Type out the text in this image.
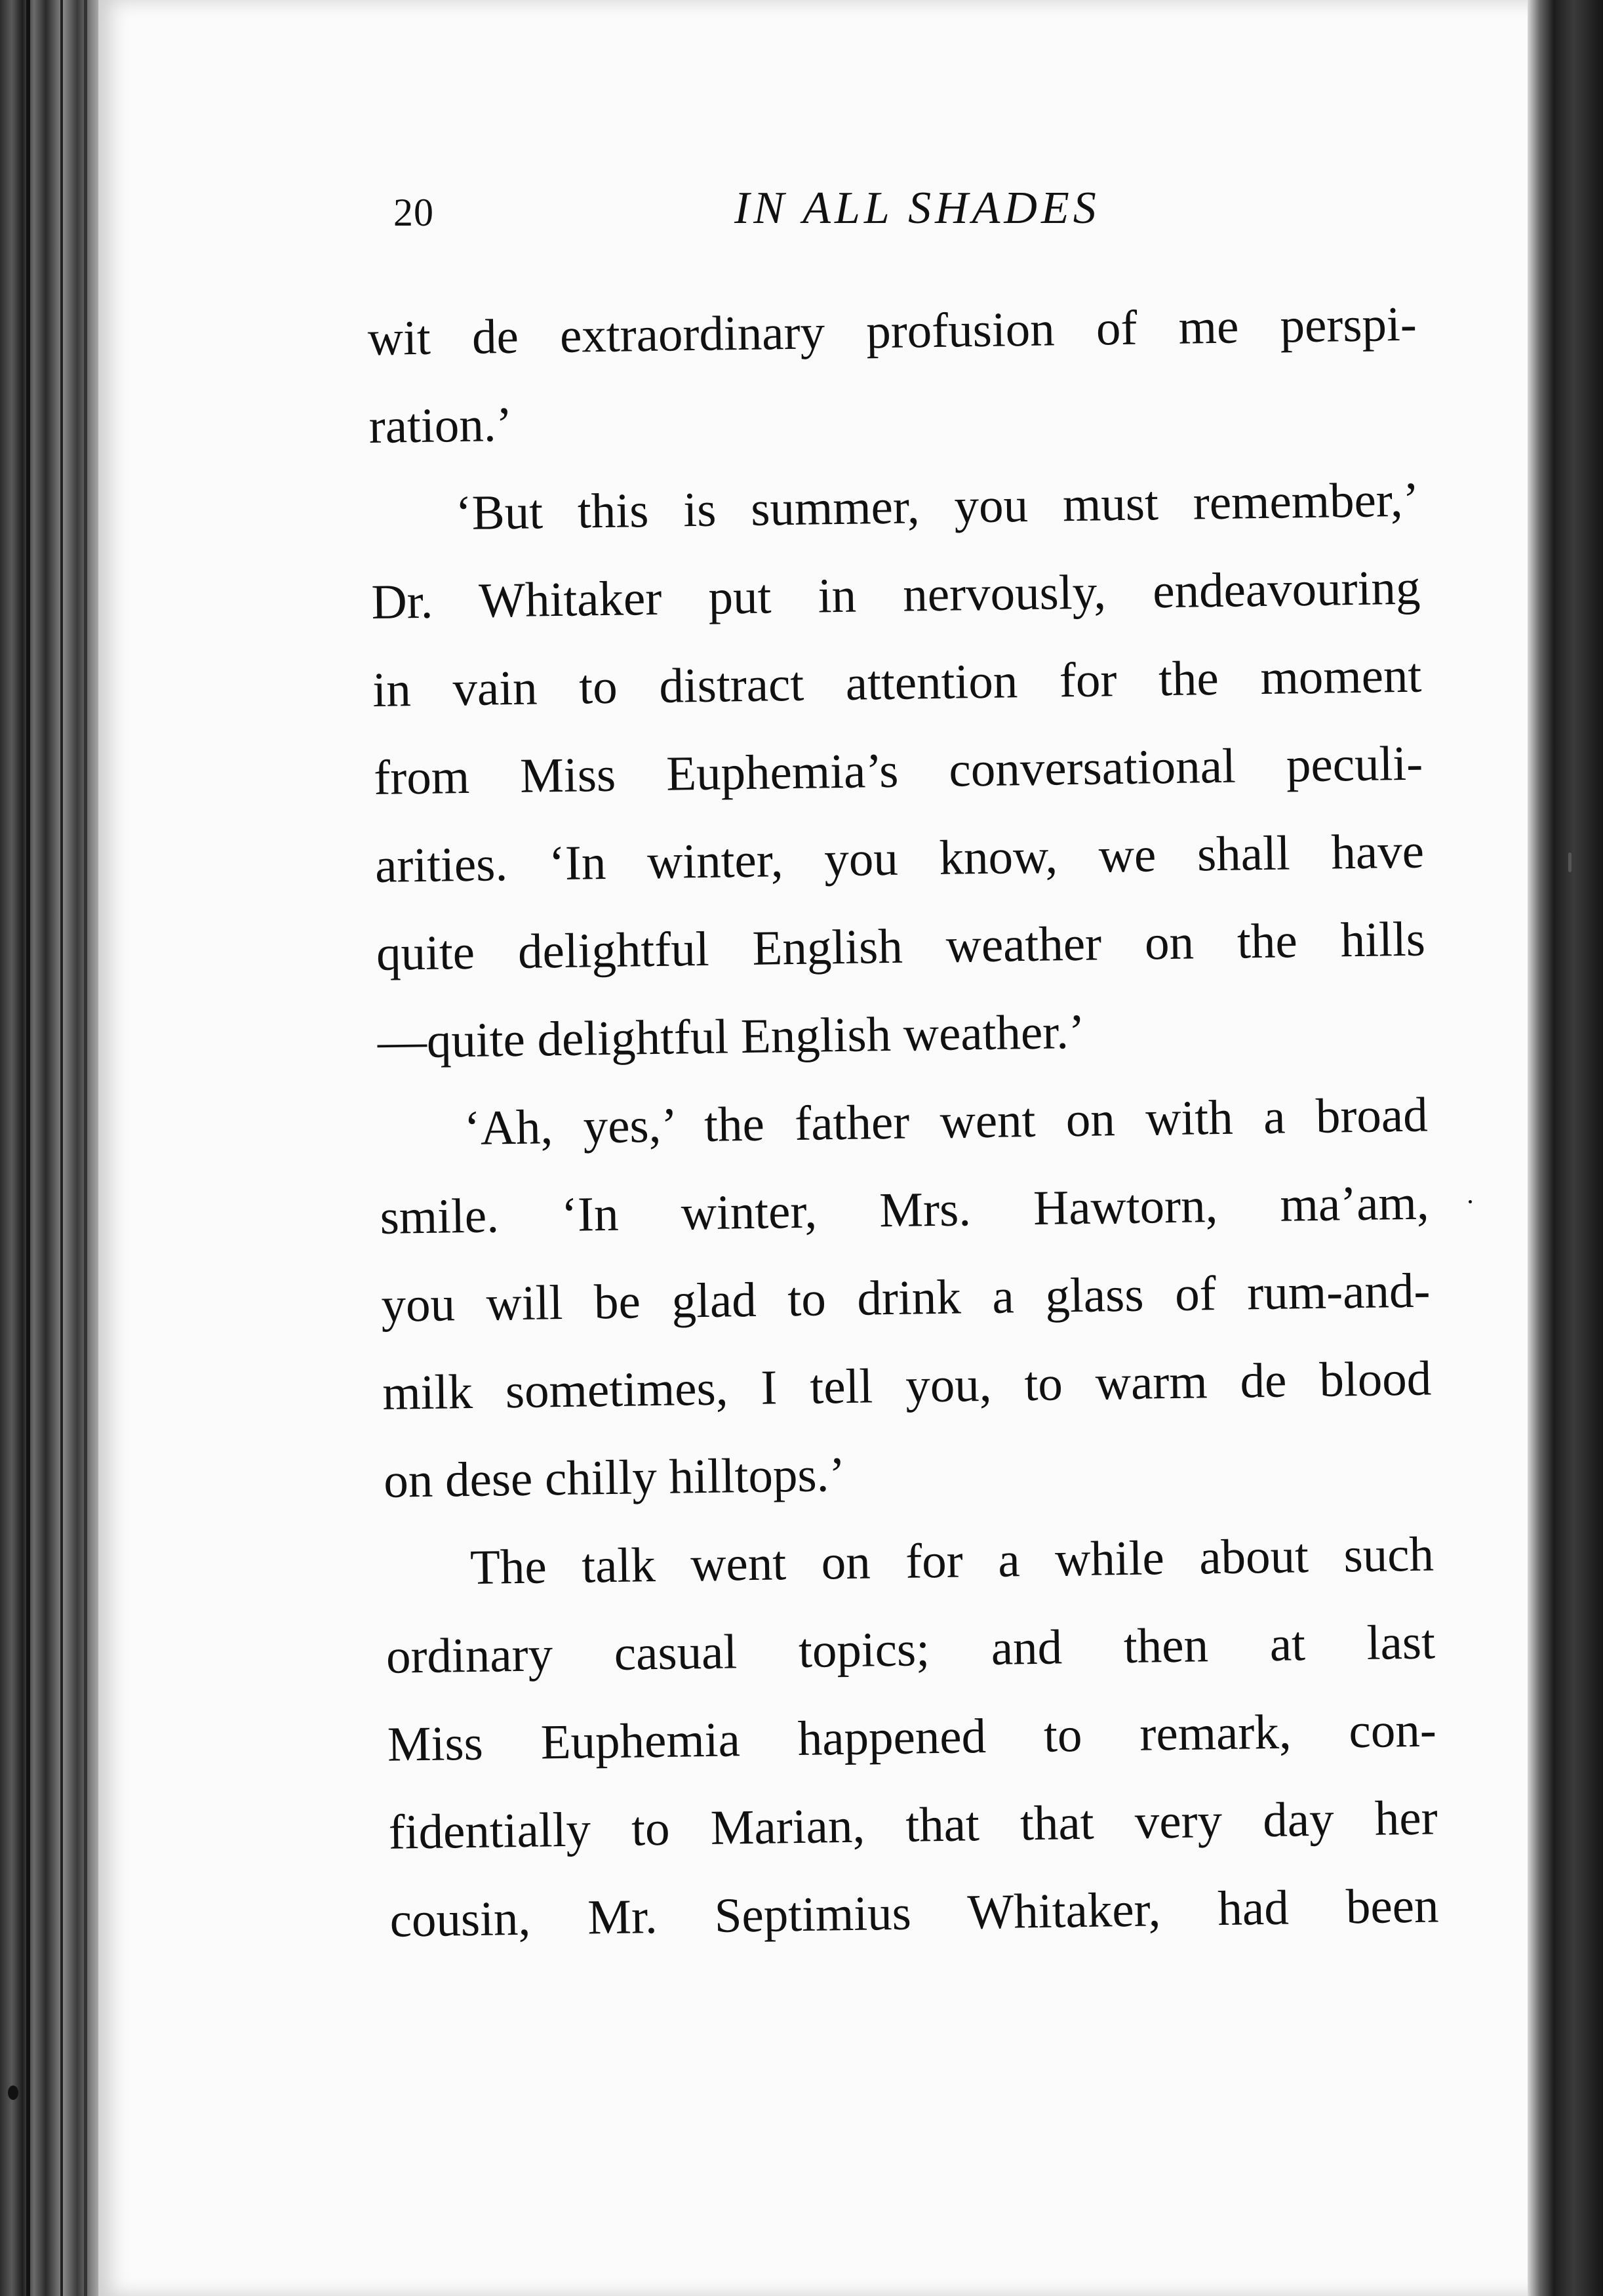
20	IN ALL SHADES
wit de extraordinary profusion of me perspi-
ration.’
‘But this is summer, you must remember,’
Dr. Whitaker put in nervously, endeavouring
in vain to distract attention for the moment
from Miss Euphemia’s conversational peculi-
arities. ‘In winter, you know, we shall have
quite delightful English weather on the hills
—quite delightful English weather.’
‘Ah, yes,’ the father went on with a broad
smile. ‘In winter, Mrs. Hawtorn, ma’am,
you will be glad to drink a glass of rum-and-
milk sometimes, I tell you, to warm de blood
on dese chilly hilltops.’
The talk went on for a while about such
ordinary casual topics; and then at last
Miss Euphemia happened to remark, con-
fidentially to Marian, that that very day her
cousin, Mr. Septimius Whitaker, had been
